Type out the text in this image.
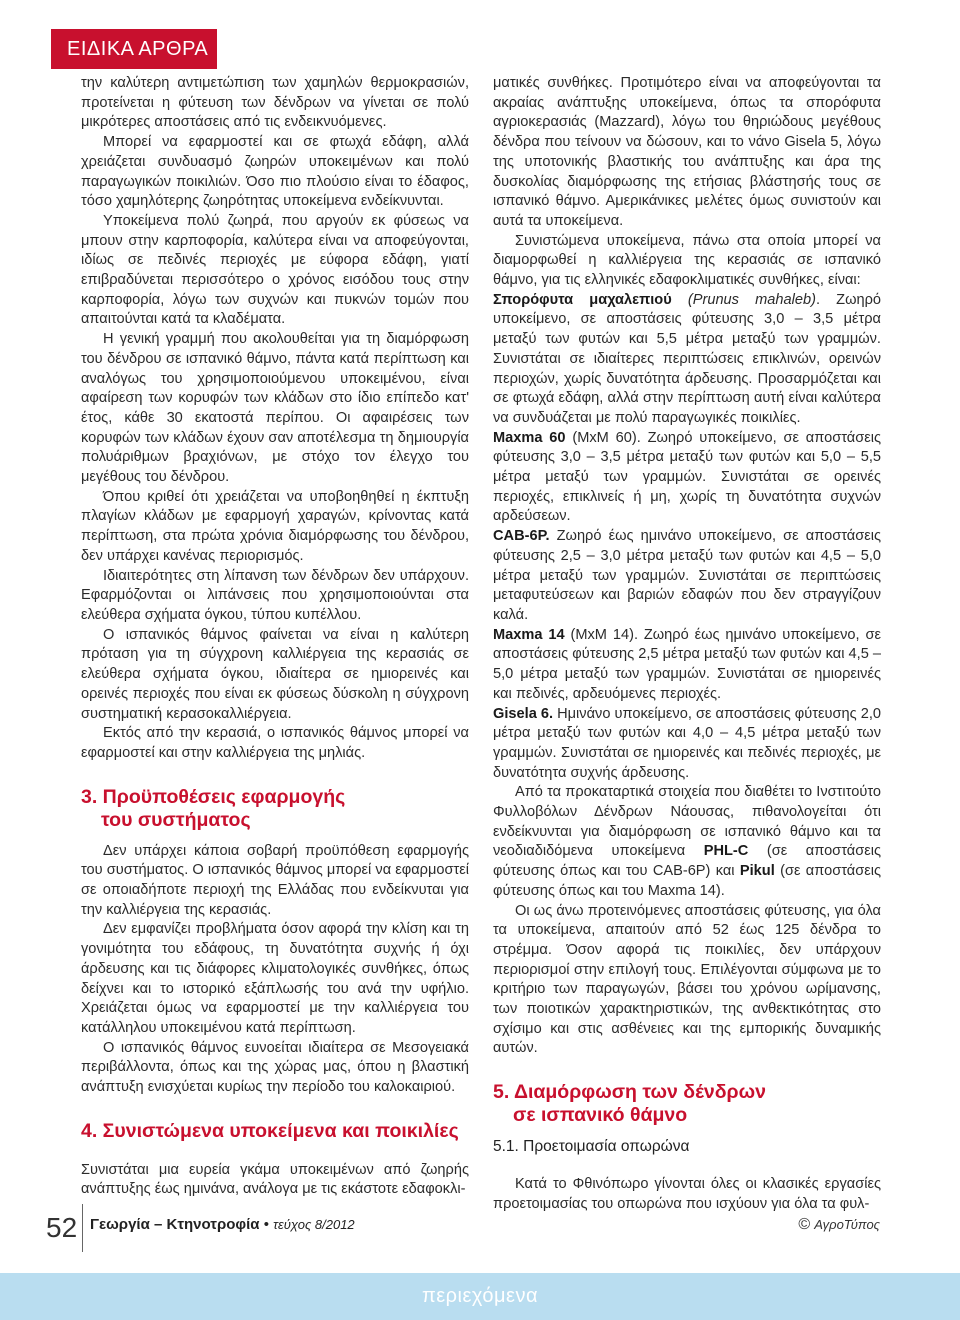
ΕΙΔΙΚΑ ΑΡΘΡΑ

την καλύτερη αντιμετώπιση των χαμηλών θερμοκρασιών, προτείνεται η φύτευση των δένδρων να γίνεται σε πολύ μικρότερες αποστάσεις από τις ενδεικνυόμενες.

Μπορεί να εφαρμοστεί και σε φτωχά εδάφη, αλλά χρειάζεται συνδυασμό ζωηρών υποκειμένων και πολύ παραγωγικών ποικιλιών. Όσο πιο πλούσιο είναι το έδαφος, τόσο χαμηλότερης ζωηρότητας υποκείμενα ενδείκνυνται.

Υποκείμενα πολύ ζωηρά, που αργούν εκ φύσεως να μπουν στην καρποφορία, καλύτερα είναι να αποφεύγονται, ιδίως σε πεδινές περιοχές με εύφορα εδάφη, γιατί επιβραδύνεται περισσότερο ο χρόνος εισόδου τους στην καρποφορία, λόγω των συχνών και πυκνών τομών που απαιτούνται κατά τα κλαδέματα.

Η γενική γραμμή που ακολουθείται για τη διαμόρφωση του δένδρου σε ισπανικό θάμνο, πάντα κατά περίπτωση και αναλόγως του χρησιμοποιούμενου υποκειμένου, είναι αφαίρεση των κορυφών των κλάδων στο ίδιο επίπεδο κατ' έτος, κάθε 30 εκατοστά περίπου. Οι αφαιρέσεις των κορυφών των κλάδων έχουν σαν αποτέλεσμα τη δημιουργία πολυάριθμων βραχιόνων, με στόχο τον έλεγχο του μεγέθους του δένδρου.

Όπου κριθεί ότι χρειάζεται να υποβοηθηθεί η έκπτυξη πλαγίων κλάδων με εφαρμογή χαραγών, κρίνοντας κατά περίπτωση, στα πρώτα χρόνια διαμόρφωσης του δένδρου, δεν υπάρχει κανένας περιορισμός.

Ιδιαιτερότητες στη λίπανση των δένδρων δεν υπάρχουν. Εφαρμόζονται οι λιπάνσεις που χρησιμοποιούνται στα ελεύθερα σχήματα όγκου, τύπου κυπέλλου.

Ο ισπανικός θάμνος φαίνεται να είναι η καλύτερη πρόταση για τη σύγχρονη καλλιέργεια της κερασιάς σε ελεύθερα σχήματα όγκου, ιδιαίτερα σε ημιορεινές και ορεινές περιοχές που είναι εκ φύσεως δύσκολη η σύγχρονη συστηματική κερασοκαλλιέργεια.

Εκτός από την κερασιά, ο ισπανικός θάμνος μπορεί να εφαρμοστεί και στην καλλιέργεια της μηλιάς.

3. Προϋποθέσεις εφαρμογής

του συστήματος

Δεν υπάρχει κάποια σοβαρή προϋπόθεση εφαρμογής του συστήματος. Ο ισπανικός θάμνος μπορεί να εφαρμοστεί σε οποιαδήποτε περιοχή της Ελλάδας που ενδείκνυται για την καλλιέργεια της κερασιάς.

Δεν εμφανίζει προβλήματα όσον αφορά την κλίση και τη γονιμότητα του εδάφους, τη δυνατότητα συχνής ή όχι άρδευσης και τις διάφορες κλιματολογικές συνθήκες, όπως δείχνει και το ιστορικό εξάπλωσής του ανά την υφήλιο. Χρειάζεται όμως να εφαρμοστεί με την καλλιέργεια του κατάλληλου υποκειμένου κατά περίπτωση.

Ο ισπανικός θάμνος ευνοείται ιδιαίτερα σε Μεσογειακά περιβάλλοντα, όπως και της χώρας μας, όπου η βλαστική ανάπτυξη ενισχύεται κυρίως την περίοδο του καλοκαιριού.

4. Συνιστώμενα υποκείμενα και ποικιλίες

Συνιστάται μια ευρεία γκάμα υποκειμένων από ζωηρής ανάπτυξης έως ημινάνα, ανάλογα με τις εκάστοτε εδαφοκλι-

ματικές συνθήκες. Προτιμότερο είναι να αποφεύγονται τα ακραίας ανάπτυξης υποκείμενα, όπως τα σπορόφυτα αγριοκερασιάς (Mazzard), λόγω του θηριώδους μεγέθους δένδρα που τείνουν να δώσουν, και το νάνο Gisela 5, λόγω της υποτονικής βλαστικής του ανάπτυξης και άρα της δυσκολίας διαμόρφωσης της ετήσιας βλάστησής τους σε ισπανικό θάμνο. Αμερικάνικες μελέτες όμως συνιστούν και αυτά τα υποκείμενα.

Συνιστώμενα υποκείμενα, πάνω στα οποία μπορεί να διαμορφωθεί η καλλιέργεια της κερασιάς σε ισπανικό θάμνο, για τις ελληνικές εδαφοκλιματικές συνθήκες, είναι:

Σπορόφυτα μαχαλεπιού (Prunus mahaleb). Ζωηρό υποκείμενο, σε αποστάσεις φύτευσης 3,0 – 3,5 μέτρα μεταξύ των φυτών και 5,5 μέτρα μεταξύ των γραμμών. Συνιστάται σε ιδιαίτερες περιπτώσεις επικλινών, ορεινών περιοχών, χωρίς δυνατότητα άρδευσης. Προσαρμόζεται και σε φτωχά εδάφη, αλλά στην περίπτωση αυτή είναι καλύτερα να συνδυάζεται με πολύ παραγωγικές ποικιλίες.

Maxma 60 (MxM 60). Ζωηρό υποκείμενο, σε αποστάσεις φύτευσης 3,0 – 3,5 μέτρα μεταξύ των φυτών και 5,0 – 5,5 μέτρα μεταξύ των γραμμών. Συνιστάται σε ορεινές περιοχές, επικλινείς ή μη, χωρίς τη δυνατότητα συχνών αρδεύσεων.

CAB-6P. Ζωηρό έως ημινάνο υποκείμενο, σε αποστάσεις φύτευσης 2,5 – 3,0 μέτρα μεταξύ των φυτών και 4,5 – 5,0 μέτρα μεταξύ των γραμμών. Συνιστάται σε περιπτώσεις μεταφυτεύσεων και βαριών εδαφών που δεν στραγγίζουν καλά.

Maxma 14 (MxM 14). Ζωηρό έως ημινάνο υποκείμενο, σε αποστάσεις φύτευσης 2,5 μέτρα μεταξύ των φυτών και 4,5 – 5,0 μέτρα μεταξύ των γραμμών. Συνιστάται σε ημιορεινές και πεδινές, αρδευόμενες περιοχές.

Gisela 6. Ημινάνο υποκείμενο, σε αποστάσεις φύτευσης 2,0 μέτρα μεταξύ των φυτών και 4,0 – 4,5 μέτρα μεταξύ των γραμμών. Συνιστάται σε ημιορεινές και πεδινές περιοχές, με δυνατότητα συχνής άρδευσης.

Από τα προκαταρτικά στοιχεία που διαθέτει το Ινστιτούτο Φυλλοβόλων Δένδρων Νάουσας, πιθανολογείται ότι ενδείκνυνται για διαμόρφωση σε ισπανικό θάμνο και τα νεοδιαδιδόμενα υποκείμενα PHL-C (σε αποστάσεις φύτευσης όπως και του CAB-6P) και Pikul (σε αποστάσεις φύτευσης όπως και του Maxma 14).

Οι ως άνω προτεινόμενες αποστάσεις φύτευσης, για όλα τα υποκείμενα, απαιτούν από 52 έως 125 δένδρα το στρέμμα. Όσον αφορά τις ποικιλίες, δεν υπάρχουν περιορισμοί στην επιλογή τους. Επιλέγονται σύμφωνα με το κριτήριο των παραγωγών, βάσει του χρόνου ωρίμανσης, των ποιοτικών χαρακτηριστικών, της ανθεκτικότητας στο σχίσιμο και στις ασθένειες και της εμπορικής δυναμικής αυτών.

5. Διαμόρφωση των δένδρων

σε ισπανικό θάμνο
5.1. Προετοιμασία οπωρώνα

Κατά το Φθινόπωρο γίνονται όλες οι κλασικές εργασίες προετοιμασίας του οπωρώνα που ισχύουν για όλα τα φυλ-

52 Γεωργία – Κτηνοτροφία • τεύχος 8/2012	© ΑγροΤύπος
περιεχόμενα
